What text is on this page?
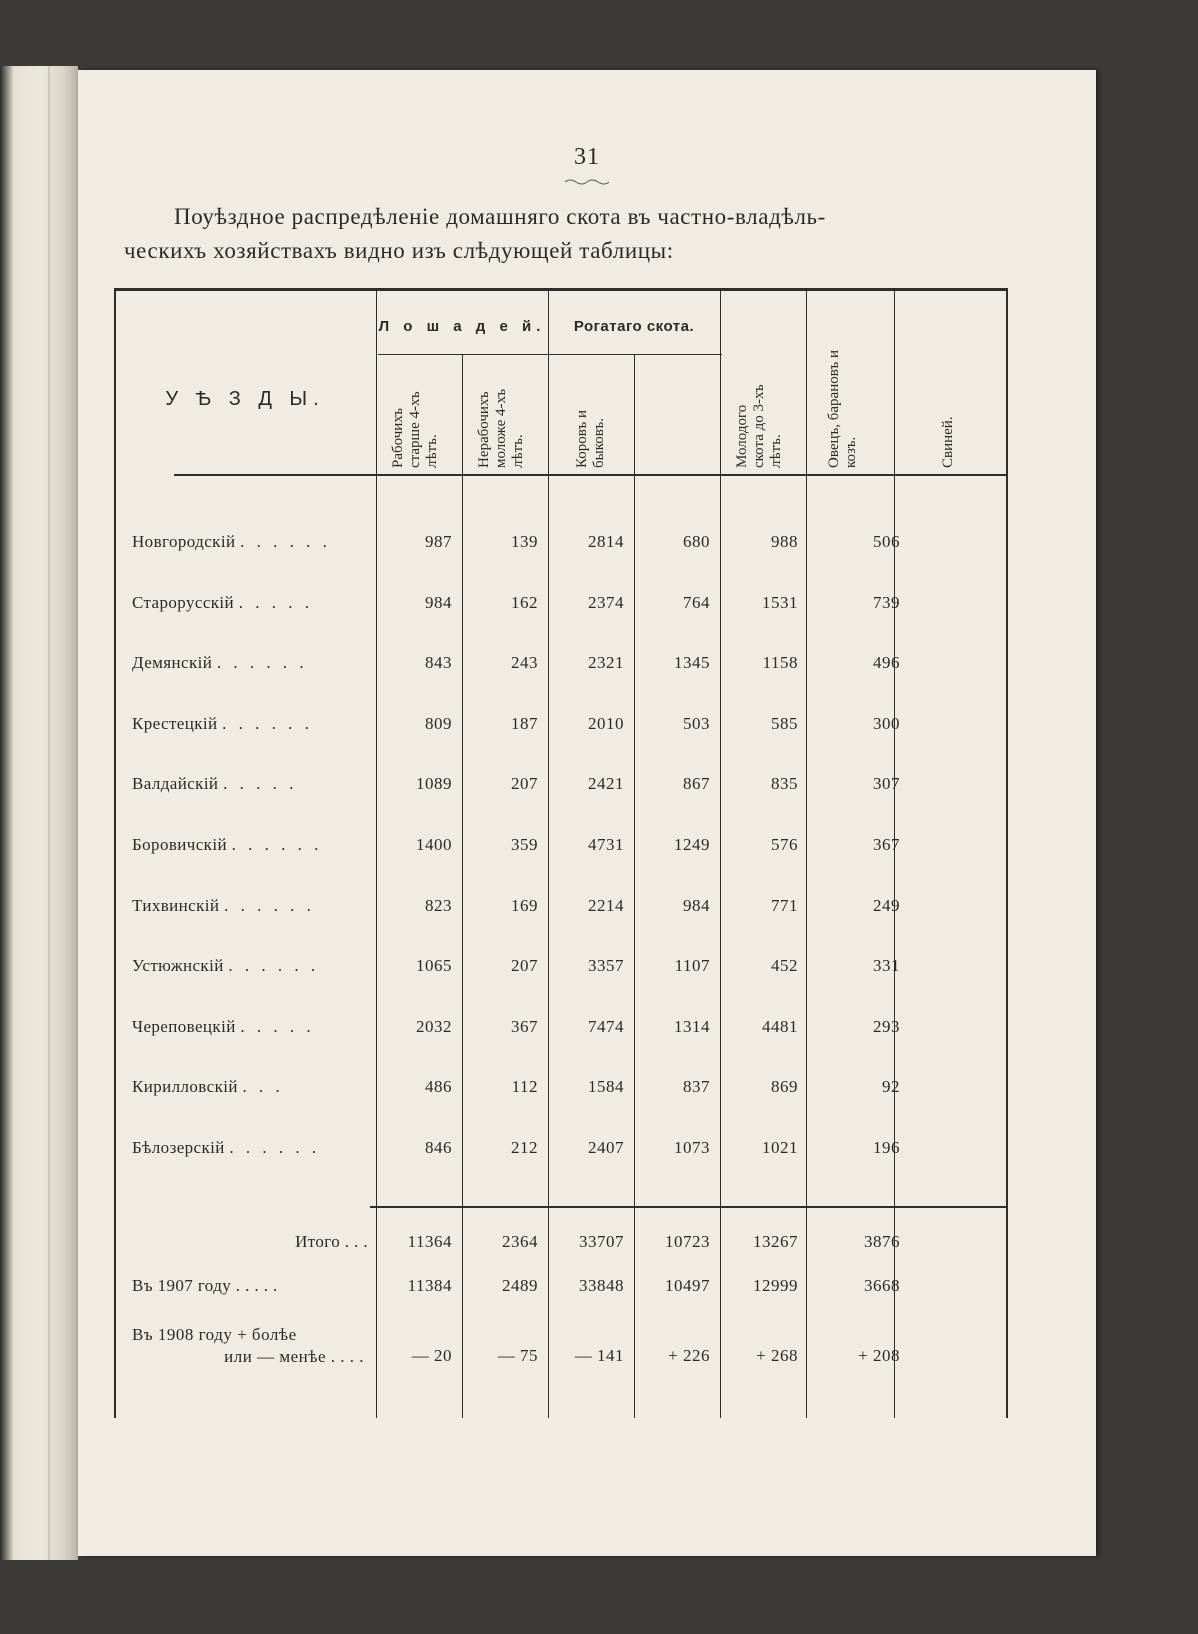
31
Поуѣздное распредѣленіе домашняго скота въ частно-владѣль-
ческихъ хозяйствахъ видно изъ слѣдующей таблицы:
У Ѣ З Д Ы.
Л о ш а д е й.	Рогатаго скота.
Рабочихъ
старше 4-хъ
лѣтъ. Нерабочихъ
моложе 4-хъ
лѣтъ.	Коровъ и
быковъ.	Молодого
скота до 3-хъ
лѣтъ.	Овецъ, барановъ и
козъ.	Свиней.
Новгородскій . . . . . .	987	139	2814	680	988	506
Старорусскій . . . . .	984	162	2374	764	1531	739
Демянскій . . . . . .	843	243	2321	1345	1158	496
Крестецкій . . . . . .	809	187	2010	503	585	300
Валдайскій . . . . .	1089	207	2421	867	835	307
Боровичскій . . . . . .	1400	359	4731	1249	576	367
Тихвинскій . . . . . .	823	169	2214	984	771	249
Устюжнскій . . . . . .	1065	207	3357	1107	452	331
Череповецкій . . . . .	2032	367	7474	1314	4481	293
Кирилловскій . . .	486	112	1584	837	869	92
Бѣлозерскій . . . . . .	846	212	2407	1073	1021	196
Итого . . .	11364	2364	33707	10723	13267	3876
Въ 1907 году . . . . .	11384	2489	33848	10497	12999	3668
Въ 1908 году + болѣе
или — менѣе . . . .	— 20	— 75	— 141	+ 226	+ 268	+ 208
